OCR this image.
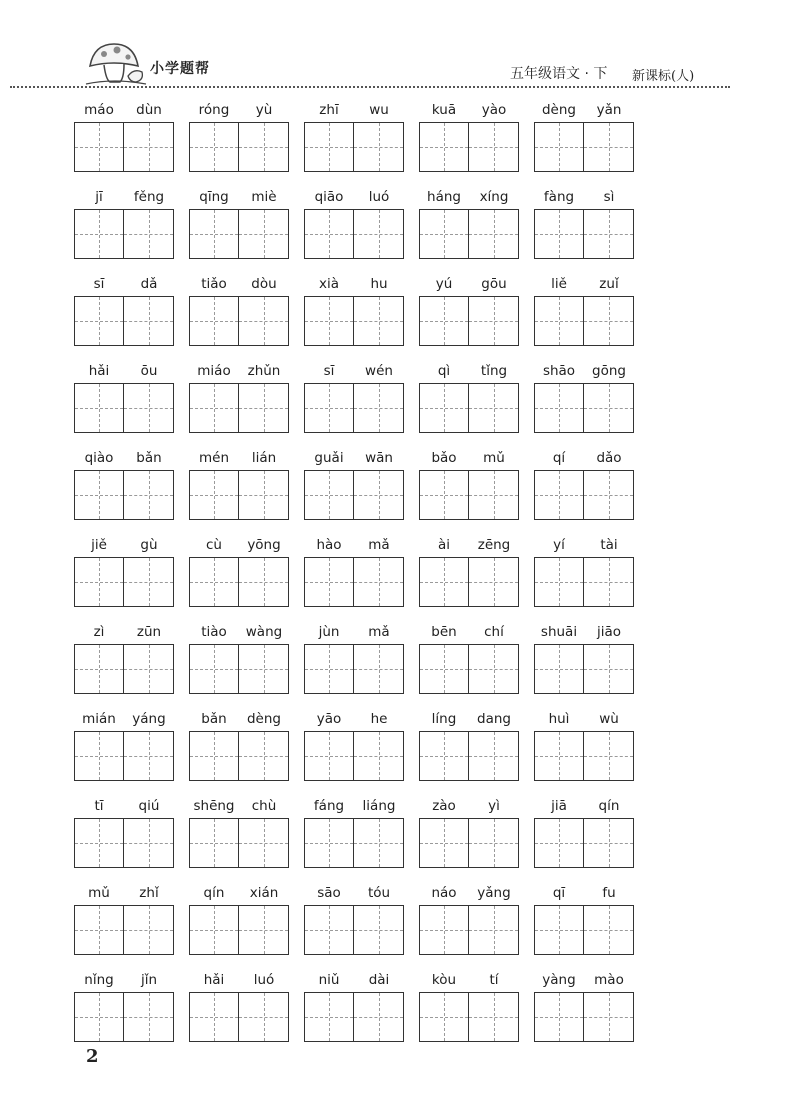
小学题帮	五年级语文 · 下 新课标(人)
máo	dùn	róng	yù	zhī	wu	kuā	yào	dèng	yǎn
jī	fěng	qīng	miè	qiāo	luó	háng	xíng	fàng	sì
sī	dǎ	tiǎo	dòu	xià	hu	yú	gōu	liě	zuǐ
hǎi	ōu	miáo	zhǔn	sī	wén	qì	tǐng	shāo	gōng
qiào	bǎn	mén	lián	guǎi	wān	bǎo	mǔ	qí	dǎo
jiě	gù	cù	yōng	hào	mǎ	ài	zēng	yí	tài
zì	zūn	tiào	wàng	jùn	mǎ	bēn	chí	shuāi	jiāo
mián	yáng	bǎn	dèng	yāo	he	líng	dang	huì	wù
tī	qiú	shēng	chù	fáng	liáng	zào	yì	jiā	qín
mǔ	zhǐ	qín	xián	sāo	tóu	náo	yǎng	qī	fu
nǐng	jǐn	hǎi	luó	niǔ	dài	kòu	tí	yàng	mào
2
